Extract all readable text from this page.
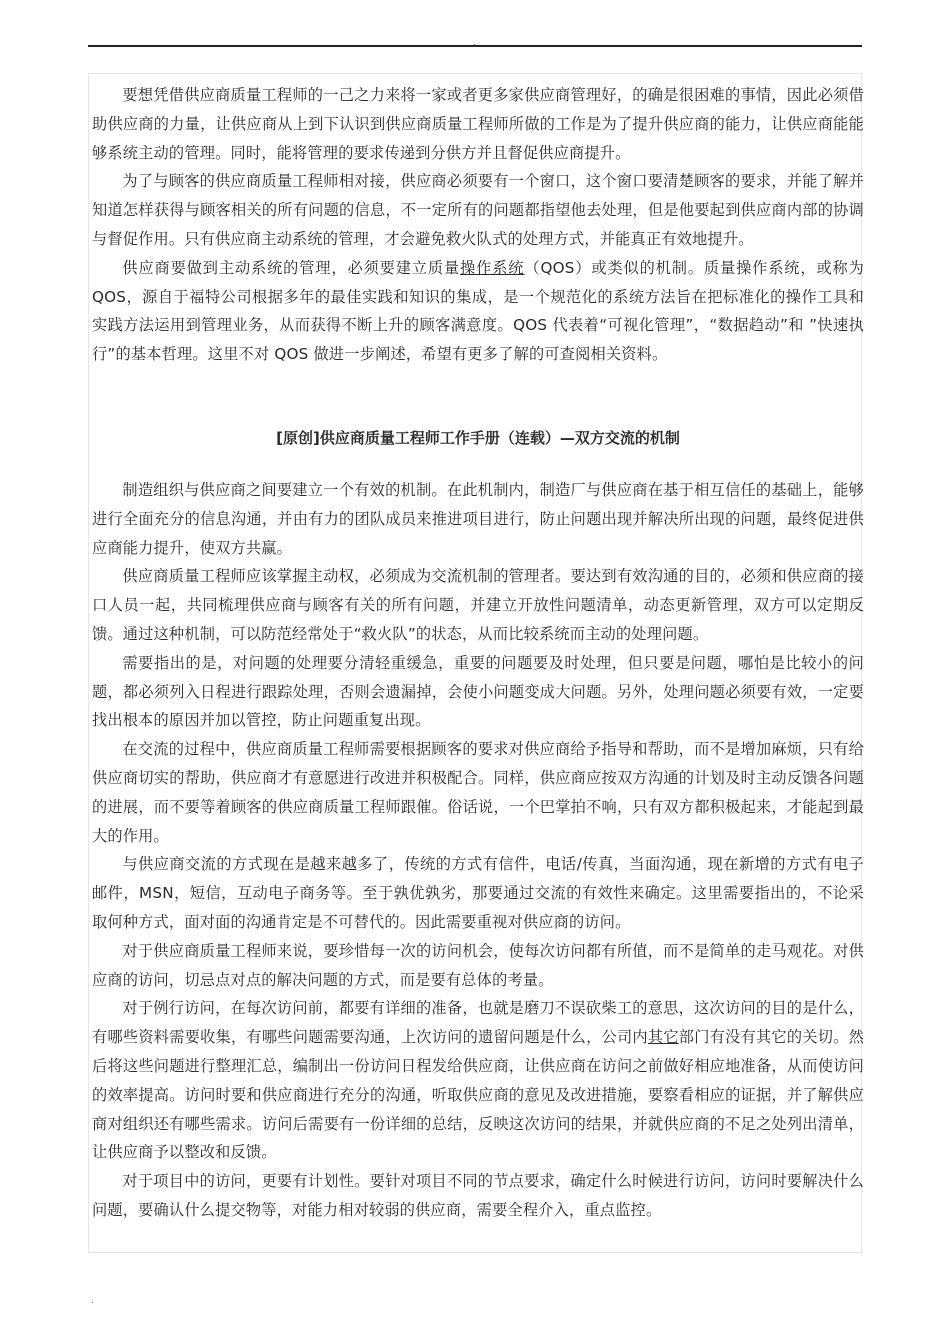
.

要想凭借供应商质量工程师的一己之力来将一家或者更多家供应商管理好，的确是很困难的事情，因此必须借助供应商的力量，让供应商从上到下认识到供应商质量工程师所做的工作是为了提升供应商的能力，让供应商能能够系统主动的管理。同时，能将管理的要求传递到分供方并且督促供应商提升。

为了与顾客的供应商质量工程师相对接，供应商必须要有一个窗口，这个窗口要清楚顾客的要求，并能了解并知道怎样获得与顾客相关的所有问题的信息，不一定所有的问题都指望他去处理，但是他要起到供应商内部的协调与督促作用。只有供应商主动系统的管理，才会避免救火队式的处理方式，并能真正有效地提升。

供应商要做到主动系统的管理，必须要建立质量操作系统（QOS）或类似的机制。质量操作系统，或称为 QOS，源自于福特公司根据多年的最佳实践和知识的集成，是一个规范化的系统方法旨在把标准化的操作工具和实践方法运用到管理业务，从而获得不断上升的顾客满意度。QOS 代表着“可视化管理”，“数据趋动”和 ”快速执行”的基本哲理。这里不对 QOS 做进一步阐述，希望有更多了解的可查阅相关资料。

[原创]供应商质量工程师工作手册（连载）—双方交流的机制

制造组织与供应商之间要建立一个有效的机制。在此机制内，制造厂与供应商在基于相互信任的基础上，能够进行全面充分的信息沟通，并由有力的团队成员来推进项目进行，防止问题出现并解决所出现的问题，最终促进供应商能力提升，使双方共赢。

供应商质量工程师应该掌握主动权，必须成为交流机制的管理者。要达到有效沟通的目的，必须和供应商的接口人员一起，共同梳理供应商与顾客有关的所有问题，并建立开放性问题清单，动态更新管理，双方可以定期反馈。通过这种机制，可以防范经常处于“救火队”的状态，从而比较系统而主动的处理问题。

需要指出的是，对问题的处理要分清轻重缓急，重要的问题要及时处理，但只要是问题，哪怕是比较小的问题，都必须列入日程进行跟踪处理，否则会遗漏掉，会使小问题变成大问题。另外，处理问题必须要有效，一定要找出根本的原因并加以管控，防止问题重复出现。

在交流的过程中，供应商质量工程师需要根据顾客的要求对供应商给予指导和帮助，而不是增加麻烦，只有给供应商切实的帮助，供应商才有意愿进行改进并积极配合。同样，供应商应按双方沟通的计划及时主动反馈各问题的进展，而不要等着顾客的供应商质量工程师跟催。俗话说，一个巴掌拍不响，只有双方都积极起来，才能起到最大的作用。

与供应商交流的方式现在是越来越多了，传统的方式有信件，电话/传真，当面沟通，现在新增的方式有电子邮件，MSN，短信，互动电子商务等。至于孰优孰劣，那要通过交流的有效性来确定。这里需要指出的，不论采取何种方式，面对面的沟通肯定是不可替代的。因此需要重视对供应商的访问。

对于供应商质量工程师来说，要珍惜每一次的访问机会，使每次访问都有所值，而不是简单的走马观花。对供应商的访问，切忌点对点的解决问题的方式，而是要有总体的考量。

对于例行访问，在每次访问前，都要有详细的准备，也就是磨刀不误砍柴工的意思，这次访问的目的是什么，有哪些资料需要收集，有哪些问题需要沟通，上次访问的遗留问题是什么，公司内其它部门有没有其它的关切。然后将这些问题进行整理汇总，编制出一份访问日程发给供应商，让供应商在访问之前做好相应地准备，从而使访问的效率提高。访问时要和供应商进行充分的沟通，听取供应商的意见及改进措施，要察看相应的证据，并了解供应商对组织还有哪些需求。访问后需要有一份详细的总结，反映这次访问的结果，并就供应商的不足之处列出清单，让供应商予以整改和反馈。

对于项目中的访问，更要有计划性。要针对项目不同的节点要求，确定什么时候进行访问，访问时要解决什么问题，要确认什么提交物等，对能力相对较弱的供应商，需要全程介入，重点监控。

.
